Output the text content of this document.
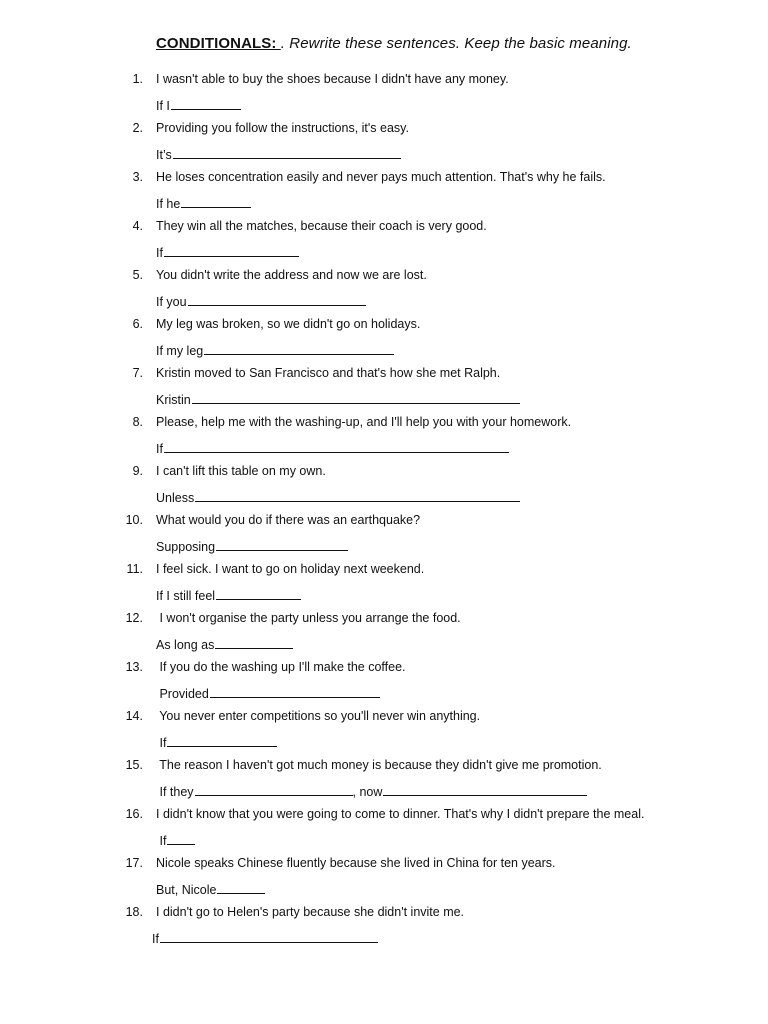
CONDITIONALS: . Rewrite these sentences. Keep the basic meaning.
1. I wasn't able to buy the shoes because I didn't have any money.
If I
2. Providing you follow the instructions, it's easy.
It’s
3. He loses concentration easily and never pays much attention. That's why he fails.
If he
4. They win all the matches, because their coach is very good.
If
5. You didn't write the address and now we are lost.
If you
6. My leg was broken, so we didn't go on holidays.
If my leg
7. Kristin moved to San Francisco and that's how she met Ralph.
Kristin
8. Please, help me with the washing-up, and I'll help you with your homework.
If
9. I can't lift this table on my own.
Unless
10. What would you do if there was an earthquake?
Supposing
11. I feel sick. I want to go on holiday next weekend.
If I still feel
12. I won't organise the party unless you arrange the food.
As long as
13. If you do the washing up I'll make the coffee.
Provided
14. You never enter competitions so you'll never win anything.
If
15. The reason I haven't got much money is because they didn't give me promotion.
If they	, now
16. I didn't know that you were going to come to dinner. That's why I didn't prepare the meal.
If
17. Nicole speaks Chinese fluently because she lived in China for ten years.
But, Nicole
18. I didn't go to Helen's party because she didn't invite me.
If
